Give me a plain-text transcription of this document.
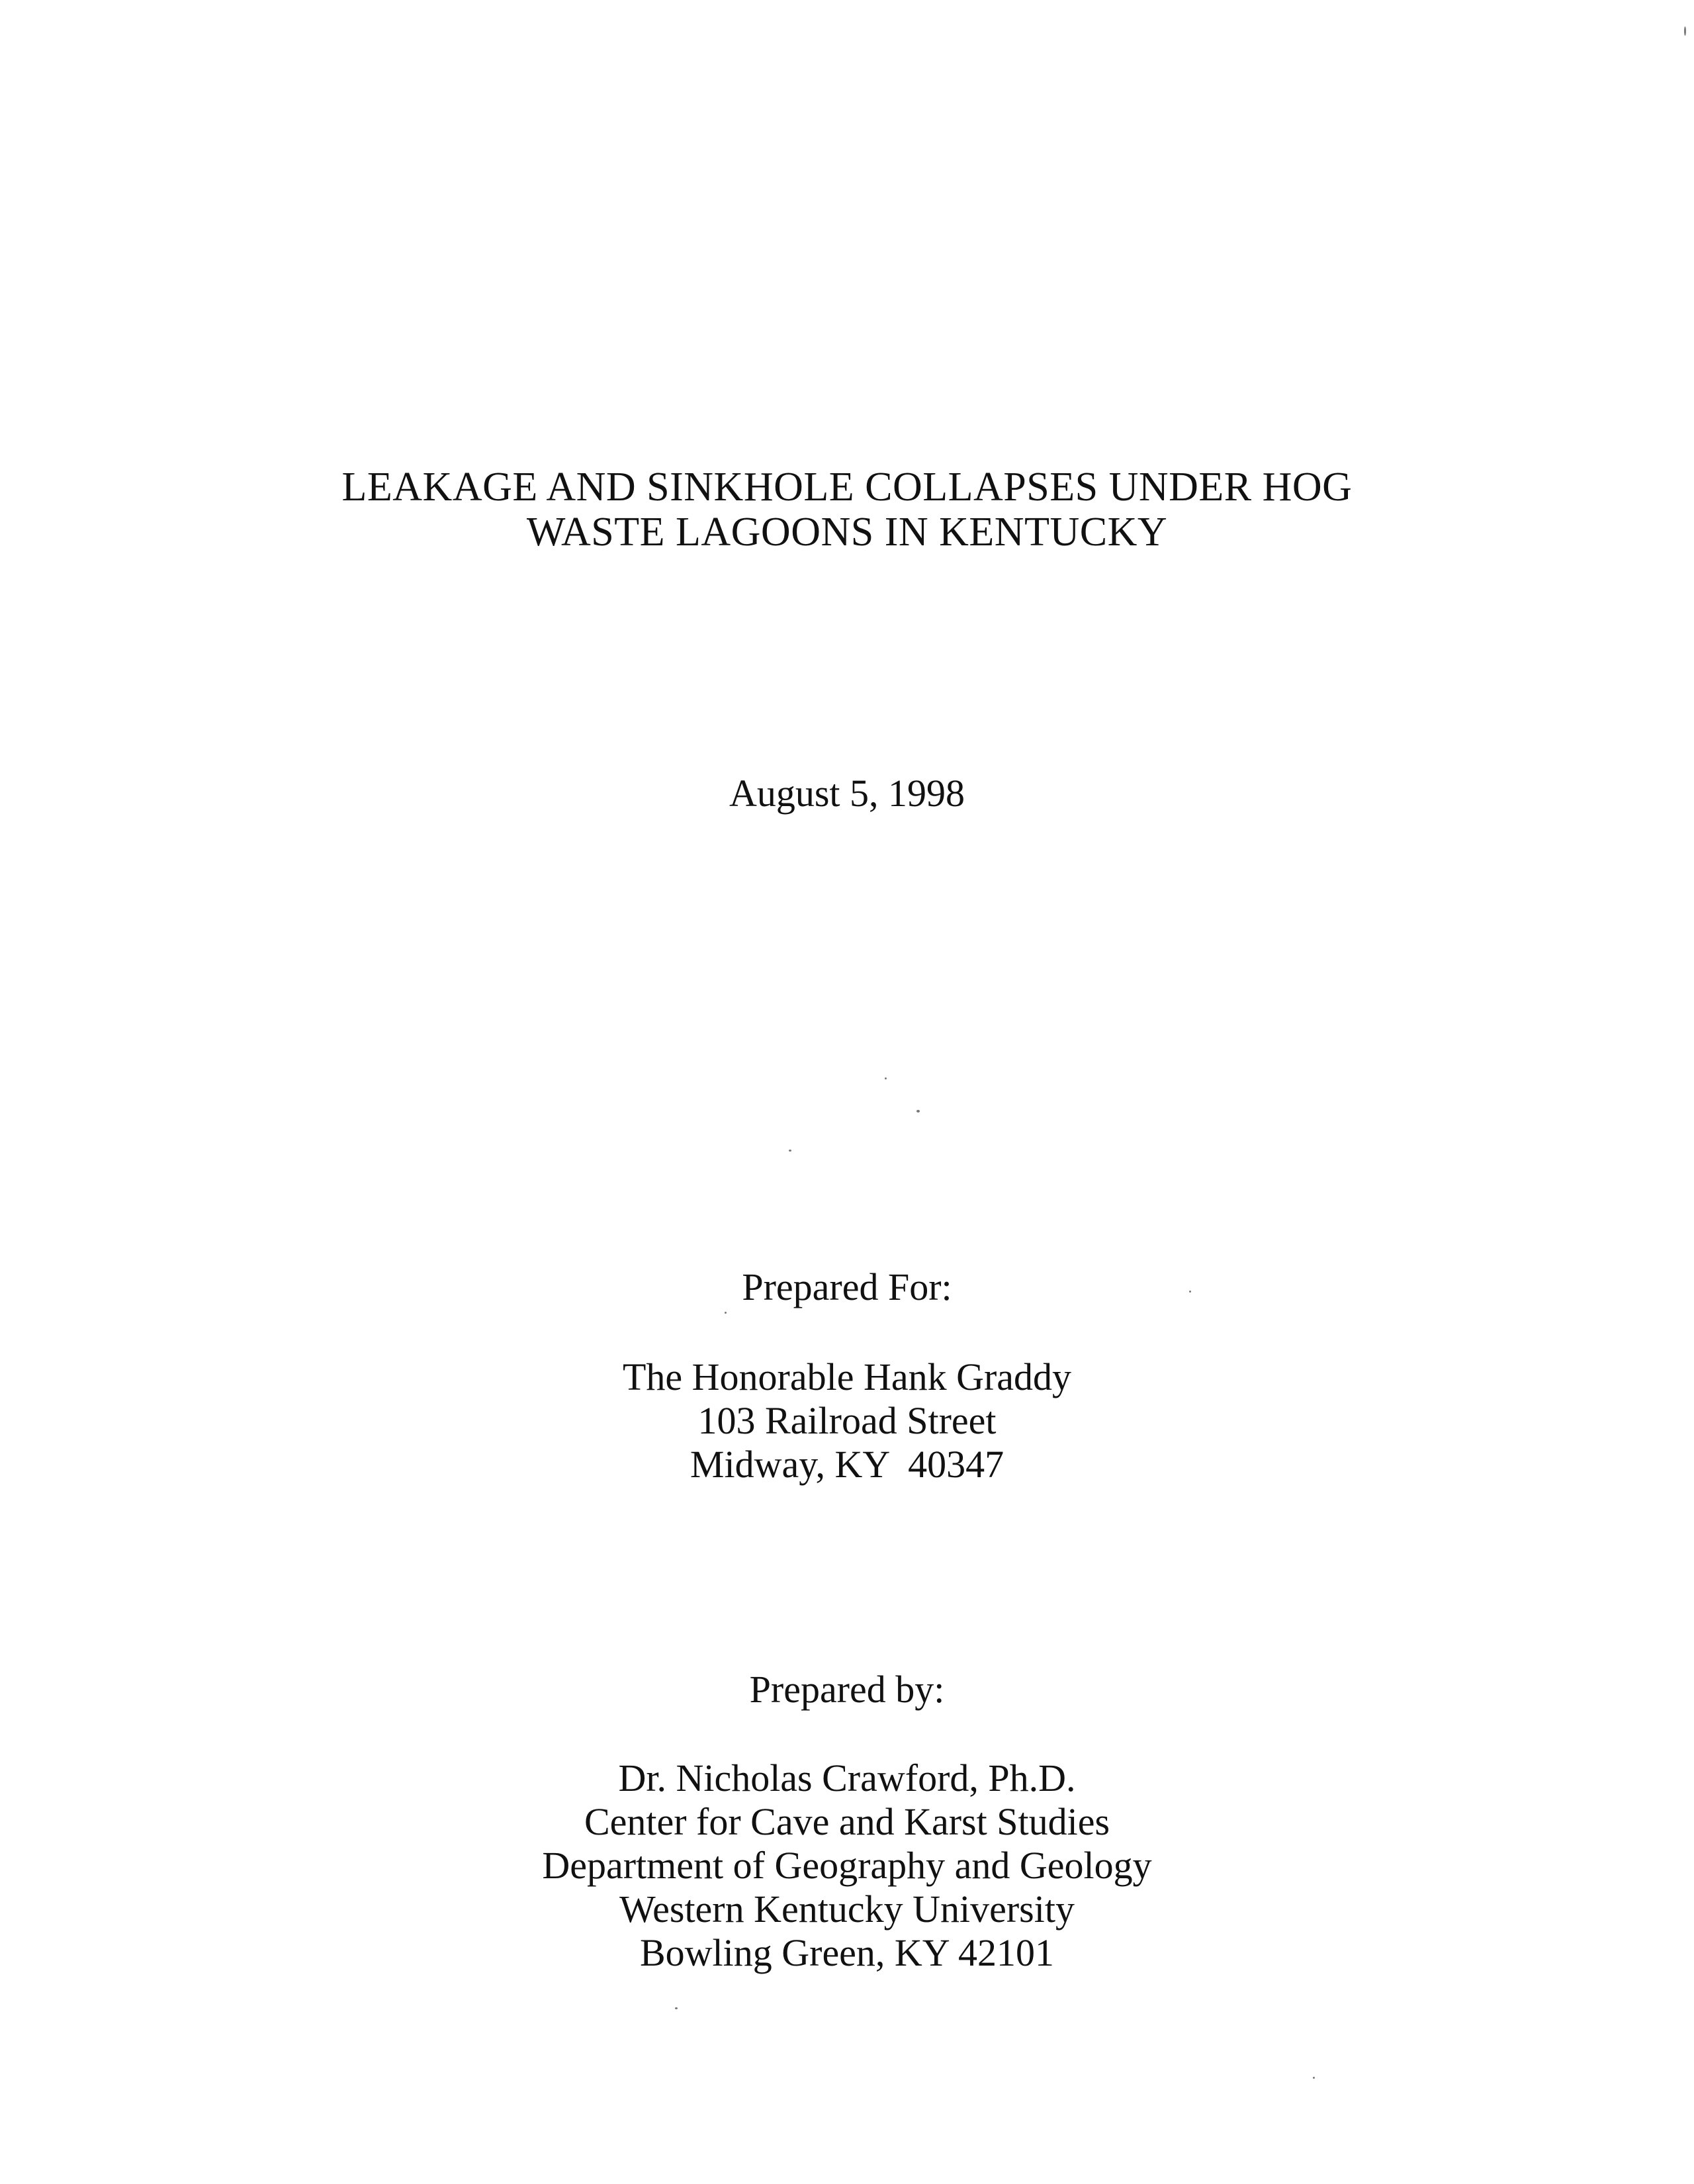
LEAKAGE AND SINKHOLE COLLAPSES UNDER HOG
WASTE LAGOONS IN KENTUCKY
August 5, 1998
Prepared For:
The Honorable Hank Graddy
103 Railroad Street
Midway, KY  40347
Prepared by:
Dr. Nicholas Crawford, Ph.D.
Center for Cave and Karst Studies
Department of Geography and Geology
Western Kentucky University
Bowling Green, KY 42101
